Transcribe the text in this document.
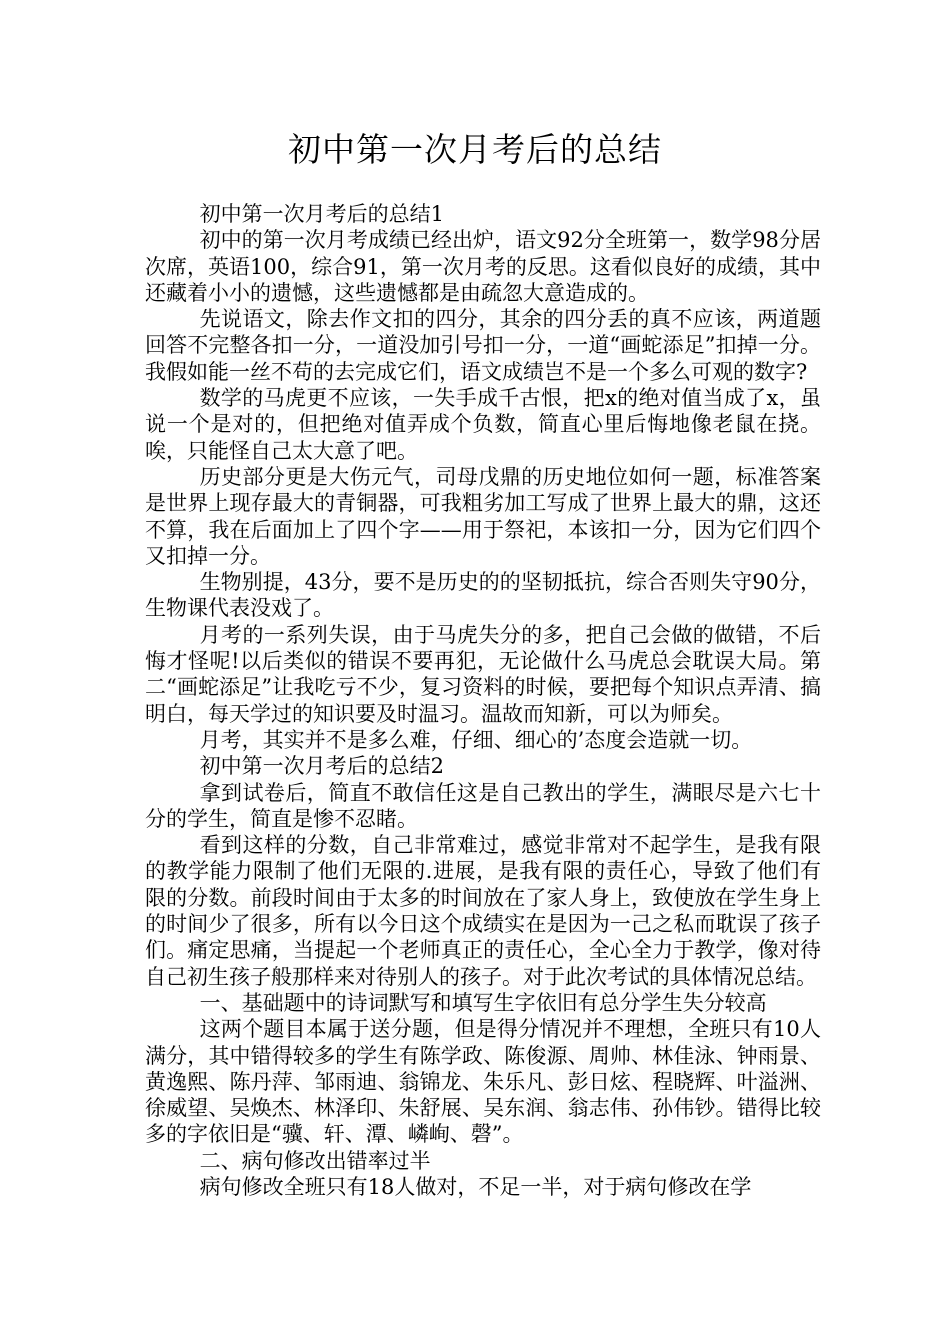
初中第一次月考后的总结

初中第一次月考后的总结1

初中的第一次月考成绩已经出炉，语文92分全班第一，数学98分居次席，英语100，综合91，第一次月考的反思。这看似良好的成绩，其中还藏着小小的遗憾，这些遗憾都是由疏忽大意造成的。

先说语文，除去作文扣的四分，其余的四分丢的真不应该，两道题回答不完整各扣一分，一道没加引号扣一分，一道“画蛇添足”扣掉一分。我假如能一丝不苟的去完成它们，语文成绩岂不是一个多么可观的数字?

数学的马虎更不应该，一失手成千古恨，把x的绝对值当成了x，虽说一个是对的，但把绝对值弄成个负数，简直心里后悔地像老鼠在挠。唉，只能怪自己太大意了吧。

历史部分更是大伤元气，司母戊鼎的历史地位如何一题，标准答案是世界上现存最大的青铜器，可我粗劣加工写成了世界上最大的鼎，这还不算，我在后面加上了四个字——用于祭祀，本该扣一分，因为它们四个又扣掉一分。

生物别提，43分，要不是历史的的坚韧抵抗，综合否则失守90分，生物课代表没戏了。

月考的一系列失误，由于马虎失分的多，把自己会做的做错，不后悔才怪呢!以后类似的错误不要再犯，无论做什么马虎总会耽误大局。第二“画蛇添足”让我吃亏不少，复习资料的时候，要把每个知识点弄清、搞明白，每天学过的知识要及时温习。温故而知新，可以为师矣。

月考，其实并不是多么难，仔细、细心的’态度会造就一切。

初中第一次月考后的总结2

拿到试卷后，简直不敢信任这是自己教出的学生，满眼尽是六七十分的学生，简直是惨不忍睹。

看到这样的分数，自己非常难过，感觉非常对不起学生，是我有限的教学能力限制了他们无限的.进展，是我有限的责任心，导致了他们有限的分数。前段时间由于太多的时间放在了家人身上，致使放在学生身上的时间少了很多，所有以今日这个成绩实在是因为一己之私而耽误了孩子们。痛定思痛，当提起一个老师真正的责任心，全心全力于教学，像对待自己初生孩子般那样来对待别人的孩子。对于此次考试的具体情况总结。

一、基础题中的诗词默写和填写生字依旧有总分学生失分较高

这两个题目本属于送分题，但是得分情况并不理想，全班只有10人满分，其中错得较多的学生有陈学政、陈俊源、周帅、林佳泳、钟雨景、黄逸熙、陈丹萍、邹雨迪、翁锦龙、朱乐凡、彭日炫、程晓辉、叶溢洲、徐威望、吴焕杰、林泽印、朱舒展、吴东润、翁志伟、孙伟钞。错得比较多的字依旧是“骥、轩、潭、嶙峋、磬”。

二、病句修改出错率过半

病句修改全班只有18人做对，不足一半，对于病句修改在学
